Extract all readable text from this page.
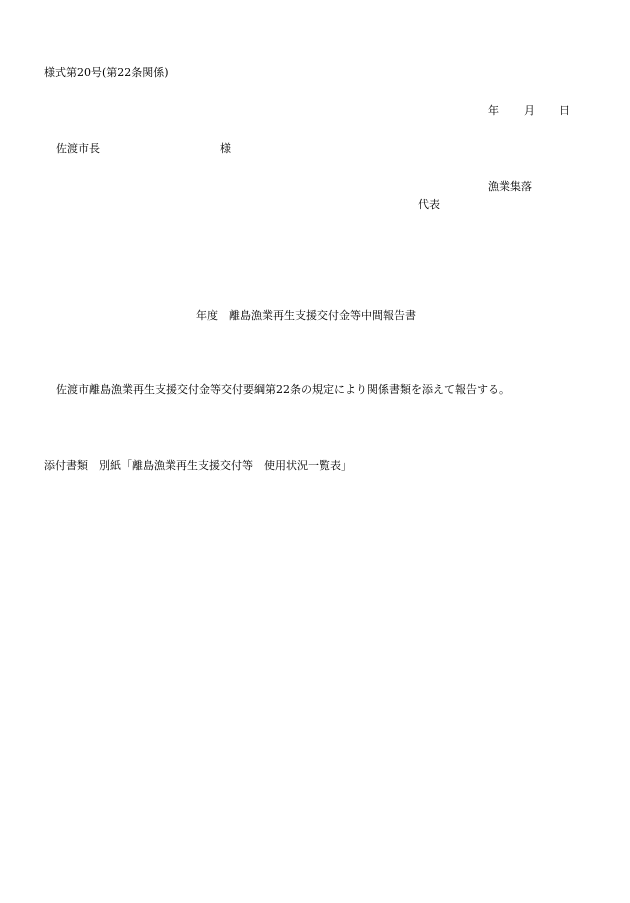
様式第20号(第22条関係)
年 月 日
佐渡市長	様
漁業集落
代表
年度　離島漁業再生支援交付金等中間報告書
佐渡市離島漁業再生支援交付金等交付要綱第22条の規定により関係書類を添えて報告する。
添付書類　別紙「離島漁業再生支援交付等　使用状況一覧表」
